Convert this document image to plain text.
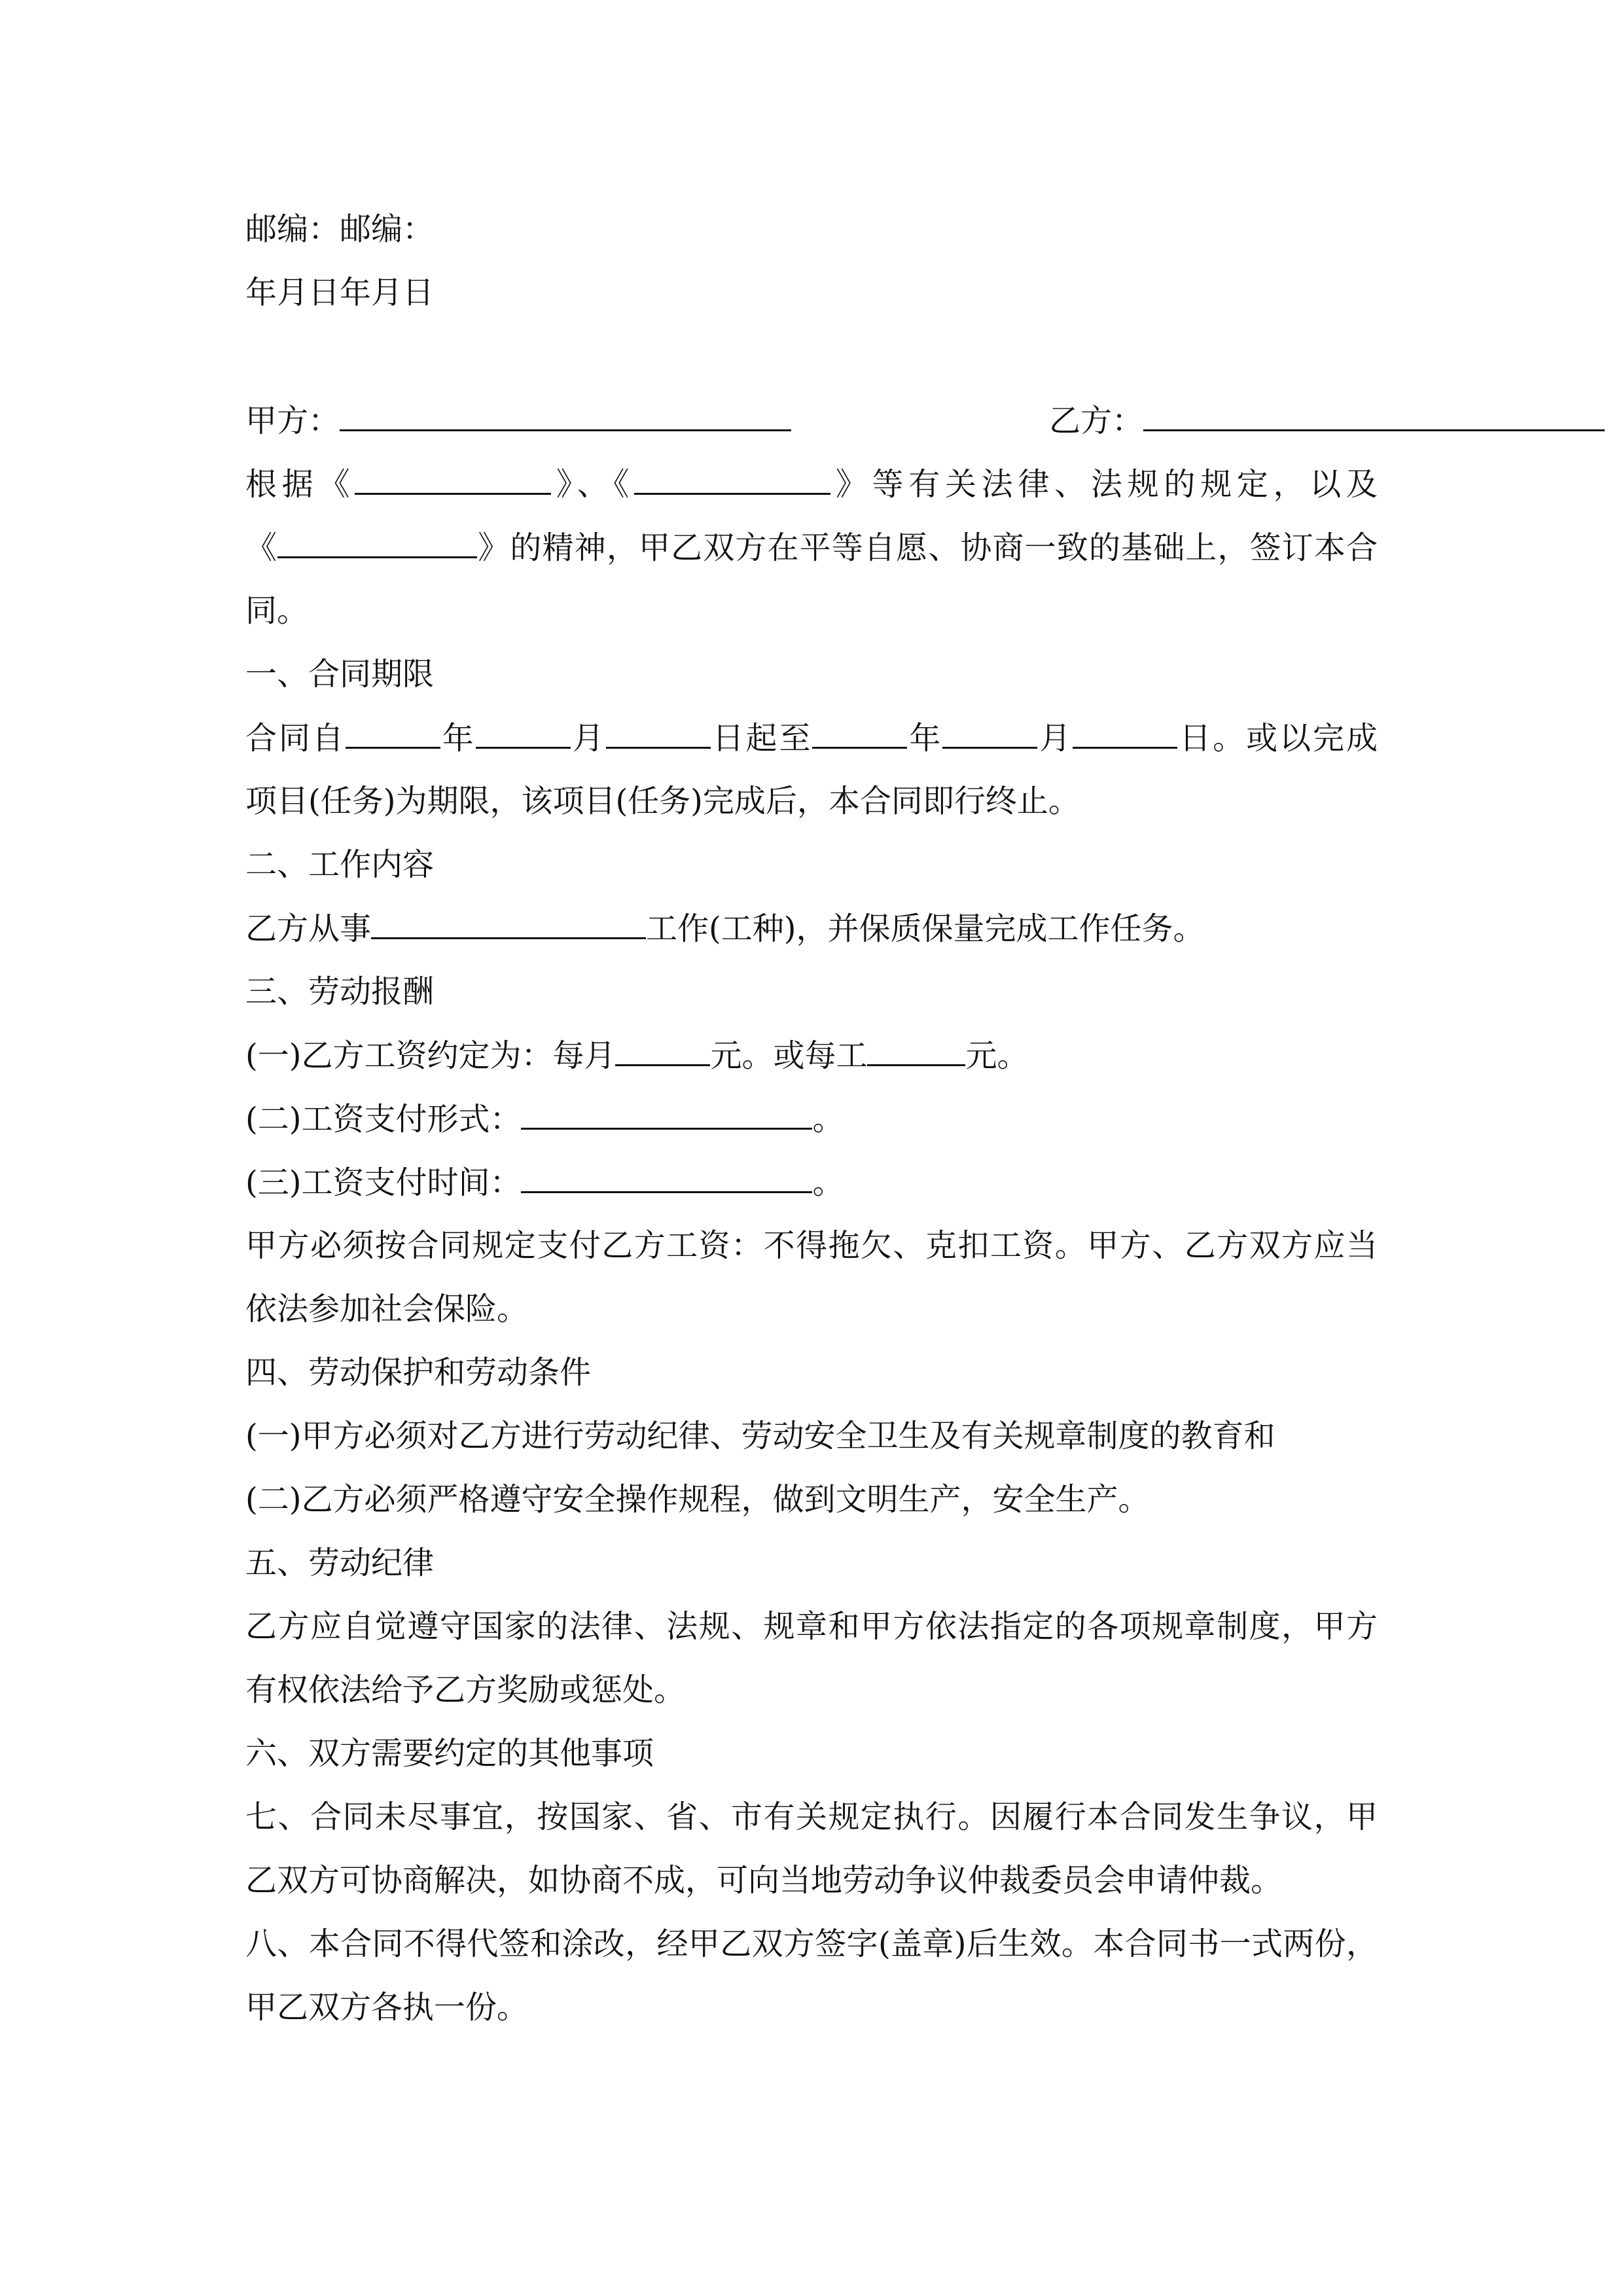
邮编：邮编：
年月日年月日
甲方：	乙方：
根据《	》、《	》等有关法律、法规的规定，以及
《	》的精神，甲乙双方在平等自愿、协商一致的基础上，签订本合
同。
一、合同期限
合同自	年	月	日起至	年	月	日。或以完成
项目(任务)为期限，该项目(任务)完成后，本合同即行终止。
二、工作内容
乙方从事	工作(工种)，并保质保量完成工作任务。
三、劳动报酬
(一)乙方工资约定为：每月	元。或每工	元。
(二)工资支付形式：	。
(三)工资支付时间：	。
甲方必须按合同规定支付乙方工资：不得拖欠、克扣工资。甲方、乙方双方应当
依法参加社会保险。
四、劳动保护和劳动条件
(一)甲方必须对乙方进行劳动纪律、劳动安全卫生及有关规章制度的教育和
(二)乙方必须严格遵守安全操作规程，做到文明生产，安全生产。
五、劳动纪律
乙方应自觉遵守国家的法律、法规、规章和甲方依法指定的各项规章制度，甲方
有权依法给予乙方奖励或惩处。
六、双方需要约定的其他事项
七、合同未尽事宜，按国家、省、市有关规定执行。因履行本合同发生争议，甲
乙双方可协商解决，如协商不成，可向当地劳动争议仲裁委员会申请仲裁。
八、本合同不得代签和涂改，经甲乙双方签字(盖章)后生效。本合同书一式两份，
甲乙双方各执一份。
